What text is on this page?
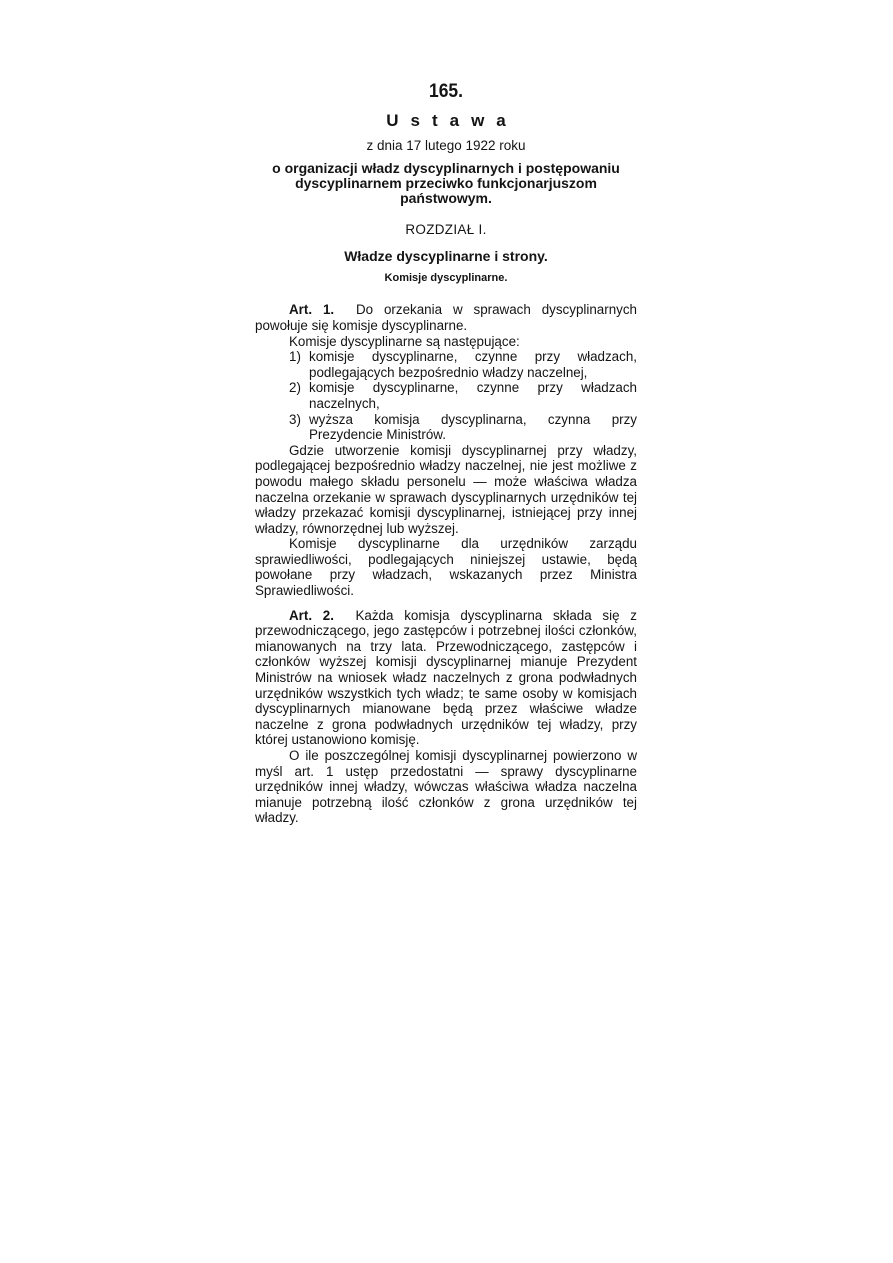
165.
Ustawa
z dnia 17 lutego 1922 roku
o organizacji władz dyscyplinarnych i postępowaniu dyscyplinarnem przeciwko funkcjonarjuszom państwowym.
ROZDZIAŁ I.
Władze dyscyplinarne i strony.
Komisje dyscyplinarne.

Art. 1. Do orzekania w sprawach dyscyplinarnych powołuje się komisje dyscyplinarne.

Komisje dyscyplinarne są następujące:

1) komisje dyscyplinarne, czynne przy władzach, podlegających bezpośrednio władzy naczelnej,
2) komisje dyscyplinarne, czynne przy władzach naczelnych,
3) wyższa komisja dyscyplinarna, czynna przy Prezydencie Ministrów.

Gdzie utworzenie komisji dyscyplinarnej przy władzy, podlegającej bezpośrednio władzy naczelnej, nie jest możliwe z powodu małego składu personelu — może właściwa władza naczelna orzekanie w sprawach dyscyplinarnych urzędników tej władzy przekazać komisji dyscyplinarnej, istniejącej przy innej władzy, równorzędnej lub wyższej.

Komisje dyscyplinarne dla urzędników zarządu sprawiedliwości, podlegających niniejszej ustawie, będą powołane przy władzach, wskazanych przez Ministra Sprawiedliwości.

Art. 2. Każda komisja dyscyplinarna składa się z przewodniczącego, jego zastępców i potrzebnej ilości członków, mianowanych na trzy lata. Przewodniczącego, zastępców i członków wyższej komisji dyscyplinarnej mianuje Prezydent Ministrów na wniosek władz naczelnych z grona podwładnych urzędników wszystkich tych władz; te same osoby w komisjach dyscyplinarnych mianowane będą przez właściwe władze naczelne z grona podwładnych urzędników tej władzy, przy której ustanowiono komisję.

O ile poszczególnej komisji dyscyplinarnej powierzono w myśl art. 1 ustęp przedostatni — sprawy dyscyplinarne urzędników innej władzy, wówczas właściwa władza naczelna mianuje potrzebną ilość członków z grona urzędników tej władzy.
